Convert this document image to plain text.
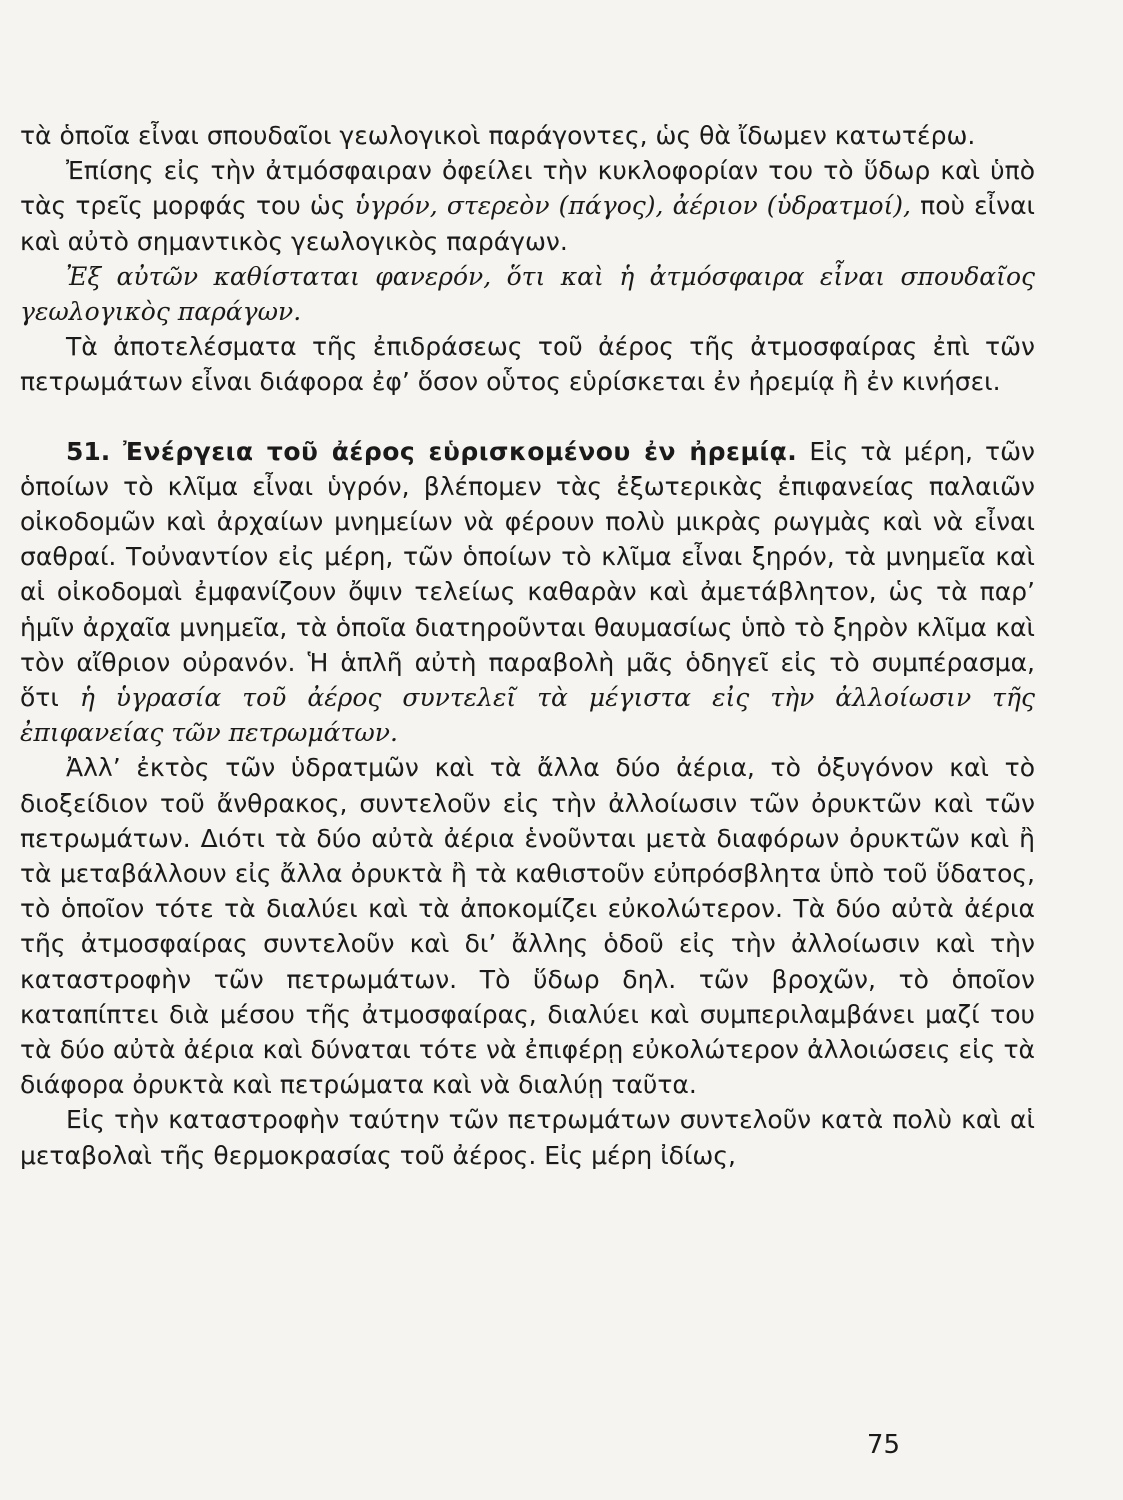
τὰ ὁποῖα εἶναι σπουδαῖοι γεωλογικοὶ παράγοντες, ὡς θὰ ἴδωμεν κατωτέρω.

Ἐπίσης εἰς τὴν ἀτμόσφαιραν ὀφείλει τὴν κυκλοφορίαν του τὸ ὕδωρ καὶ ὑπὸ τὰς τρεῖς μορφάς του ὡς ὑγρόν, στερεὸν (πάγος), ἀέριον (ὑδρατμοί), ποὺ εἶναι καὶ αὐτὸ σημαντικὸς γεωλογικὸς παράγων.

Ἐξ αὐτῶν καθίσταται φανερόν, ὅτι καὶ ἡ ἀτμόσφαιρα εἶναι σπουδαῖος γεωλογικὸς παράγων.

Τὰ ἀποτελέσματα τῆς ἐπιδράσεως τοῦ ἀέρος τῆς ἀτμοσφαίρας ἐπὶ τῶν πετρωμάτων εἶναι διάφορα ἐφ’ ὅσον οὗτος εὑρίσκεται ἐν ἠρεμίᾳ ἢ ἐν κινήσει.

51. Ἐνέργεια τοῦ ἀέρος εὑρισκομένου ἐν ἠρεμίᾳ. Εἰς τὰ μέρη, τῶν ὁποίων τὸ κλῖμα εἶναι ὑγρόν, βλέπομεν τὰς ἐξωτερικὰς ἐπιφανείας παλαιῶν οἰκοδομῶν καὶ ἀρχαίων μνημείων νὰ φέρουν πολὺ μικρὰς ρωγμὰς καὶ νὰ εἶναι σαθραί. Τοὐναντίον εἰς μέρη, τῶν ὁποίων τὸ κλῖμα εἶναι ξηρόν, τὰ μνημεῖα καὶ αἱ οἰκοδομαὶ ἐμφανίζουν ὄψιν τελείως καθαρὰν καὶ ἀμετάβλητον, ὡς τὰ παρ’ ἡμῖν ἀρχαῖα μνημεῖα, τὰ ὁποῖα διατηροῦνται θαυμασίως ὑπὸ τὸ ξηρὸν κλῖμα καὶ τὸν αἴθριον οὐρανόν. Ἡ ἁπλῆ αὐτὴ παραβολὴ μᾶς ὁδηγεῖ εἰς τὸ συμπέρασμα, ὅτι ἡ ὑγρασία τοῦ ἀέρος συντελεῖ τὰ μέγιστα εἰς τὴν ἀλλοίωσιν τῆς ἐπιφανείας τῶν πετρωμάτων.

Ἀλλ’ ἐκτὸς τῶν ὑδρατμῶν καὶ τὰ ἄλλα δύο ἀέρια, τὸ ὀξυγόνον καὶ τὸ διοξείδιον τοῦ ἄνθρακος, συντελοῦν εἰς τὴν ἀλλοίωσιν τῶν ὀρυκτῶν καὶ τῶν πετρωμάτων. Διότι τὰ δύο αὐτὰ ἀέρια ἑνοῦνται μετὰ διαφόρων ὀρυκτῶν καὶ ἢ τὰ μεταβάλλουν εἰς ἄλλα ὀρυκτὰ ἢ τὰ καθιστοῦν εὐπρόσβλητα ὑπὸ τοῦ ὕδατος, τὸ ὁποῖον τότε τὰ διαλύει καὶ τὰ ἀποκομίζει εὐκολώτερον. Τὰ δύο αὐτὰ ἀέρια τῆς ἀτμοσφαίρας συντελοῦν καὶ δι’ ἄλλης ὁδοῦ εἰς τὴν ἀλλοίωσιν καὶ τὴν καταστροφὴν τῶν πετρωμάτων. Τὸ ὕδωρ δηλ. τῶν βροχῶν, τὸ ὁποῖον καταπίπτει διὰ μέσου τῆς ἀτμοσφαίρας, διαλύει καὶ συμπεριλαμβάνει μαζί του τὰ δύο αὐτὰ ἀέρια καὶ δύναται τότε νὰ ἐπιφέρῃ εὐκολώτερον ἀλλοιώσεις εἰς τὰ διάφορα ὀρυκτὰ καὶ πετρώματα καὶ νὰ διαλύῃ ταῦτα.

Εἰς τὴν καταστροφὴν ταύτην τῶν πετρωμάτων συντελοῦν κατὰ πολὺ καὶ αἱ μεταβολαὶ τῆς θερμοκρασίας τοῦ ἀέρος. Εἰς μέρη ἰδίως,

75
